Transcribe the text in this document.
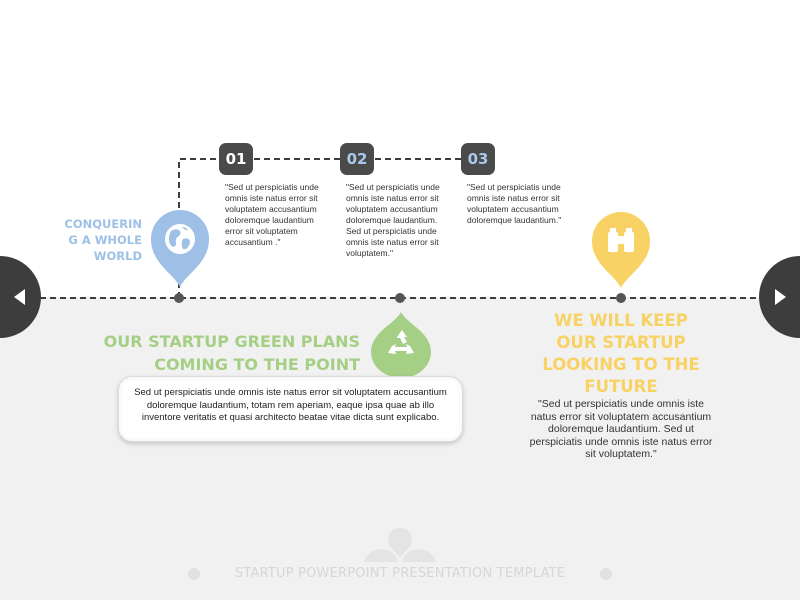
01	02	03
"Sed ut perspiciatis unde omnis iste natus error sit voluptatem accusantium doloremque laudantium error sit voluptatem accusantium ."
"Sed ut perspiciatis unde omnis iste natus error sit voluptatem accusantium doloremque laudantium. Sed ut perspiciatis unde omnis iste natus error sit voluptatem."
"Sed ut perspiciatis unde omnis iste natus error sit voluptatem accusantium doloremque laudantium."
CONQUERIN
G A WHOLE
WORLD
OUR STARTUP GREEN PLANS
COMING TO THE POINT
Sed ut perspiciatis unde omnis iste natus error sit voluptatem accusantium doloremque laudantium, totam rem aperiam, eaque ipsa quae ab illo inventore veritatis et quasi architecto beatae vitae dicta sunt explicabo.
WE WILL KEEP
OUR STARTUP
LOOKING TO THE
FUTURE
"Sed ut perspiciatis unde omnis iste natus error sit voluptatem accusantium doloremque laudantium. Sed ut perspiciatis unde omnis iste natus error sit voluptatem."
STARTUP POWERPOINT PRESENTATION TEMPLATE
